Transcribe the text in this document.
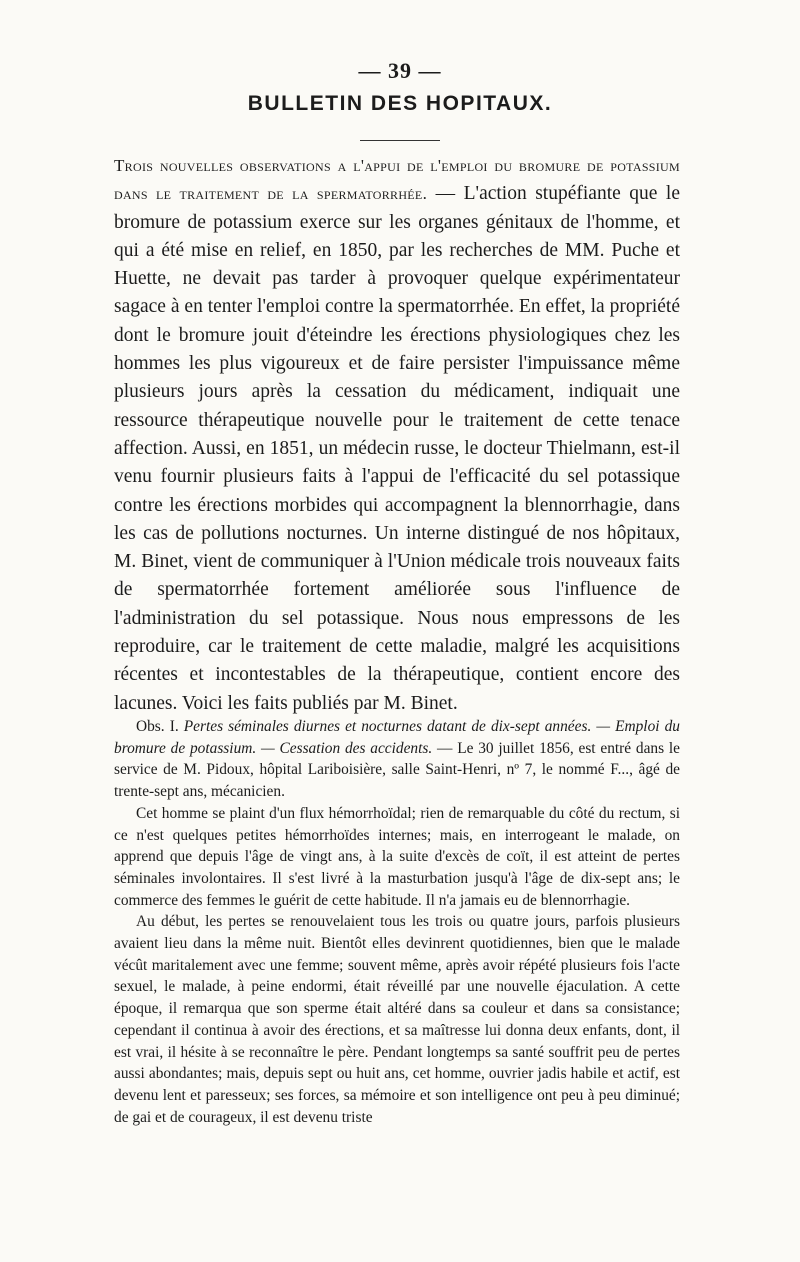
— 39 —
BULLETIN DES HOPITAUX.
Trois nouvelles observations a l'appui de l'emploi du bromure de potassium dans le traitement de la spermatorrhée. — L'action stupéfiante que le bromure de potassium exerce sur les organes génitaux de l'homme, et qui a été mise en relief, en 1850, par les recherches de MM. Puche et Huette, ne devait pas tarder à provoquer quelque expérimentateur sagace à en tenter l'emploi contre la spermatorrhée. En effet, la propriété dont le bromure jouit d'éteindre les érections physiologiques chez les hommes les plus vigoureux et de faire persister l'impuissance même plusieurs jours après la cessation du médicament, indiquait une ressource thérapeutique nouvelle pour le traitement de cette tenace affection. Aussi, en 1851, un médecin russe, le docteur Thielmann, est-il venu fournir plusieurs faits à l'appui de l'efficacité du sel potassique contre les érections morbides qui accompagnent la blennorrhagie, dans les cas de pollutions nocturnes. Un interne distingué de nos hôpitaux, M. Binet, vient de communiquer à l'Union médicale trois nouveaux faits de spermatorrhée fortement améliorée sous l'influence de l'administration du sel potassique. Nous nous empressons de les reproduire, car le traitement de cette maladie, malgré les acquisitions récentes et incontestables de la thérapeutique, contient encore des lacunes. Voici les faits publiés par M. Binet.

Obs. I. Pertes séminales diurnes et nocturnes datant de dix-sept années. — Emploi du bromure de potassium. — Cessation des accidents. — Le 30 juillet 1856, est entré dans le service de M. Pidoux, hôpital Lariboisière, salle Saint-Henri, nº 7, le nommé F..., âgé de trente-sept ans, mécanicien.

Cet homme se plaint d'un flux hémorrhoïdal; rien de remarquable du côté du rectum, si ce n'est quelques petites hémorrhoïdes internes; mais, en interrogeant le malade, on apprend que depuis l'âge de vingt ans, à la suite d'excès de coït, il est atteint de pertes séminales involontaires. Il s'est livré à la masturbation jusqu'à l'âge de dix-sept ans; le commerce des femmes le guérit de cette habitude. Il n'a jamais eu de blennorrhagie.

Au début, les pertes se renouvelaient tous les trois ou quatre jours, parfois plusieurs avaient lieu dans la même nuit. Bientôt elles devinrent quotidiennes, bien que le malade vécût maritalement avec une femme; souvent même, après avoir répété plusieurs fois l'acte sexuel, le malade, à peine endormi, était réveillé par une nouvelle éjaculation. A cette époque, il remarqua que son sperme était altéré dans sa couleur et dans sa consistance; cependant il continua à avoir des érections, et sa maîtresse lui donna deux enfants, dont, il est vrai, il hésite à se reconnaître le père. Pendant longtemps sa santé souffrit peu de pertes aussi abondantes; mais, depuis sept ou huit ans, cet homme, ouvrier jadis habile et actif, est devenu lent et paresseux; ses forces, sa mémoire et son intelligence ont peu à peu diminué; de gai et de courageux, il est devenu triste
